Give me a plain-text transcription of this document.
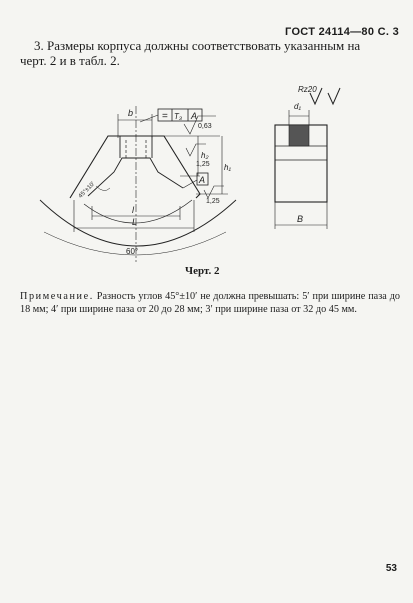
ГОСТ 24114—80 С. 3
3. Размеры корпуса должны соответствовать указанным на
черт. 2 и в табл. 2.
b	= T₃ A
0,63
1,25
1,25
h₂
h₁
A
45°±10'
l
L
60°
Rz20
d₁
B
Черт. 2
Примечание. Разность углов 45°±10′ не должна превышать: 5′ при ширине паза до 18 мм; 4′ при ширине паза от 20 до 28 мм; 3′ при ширине паза от 32 до 45 мм.
53
